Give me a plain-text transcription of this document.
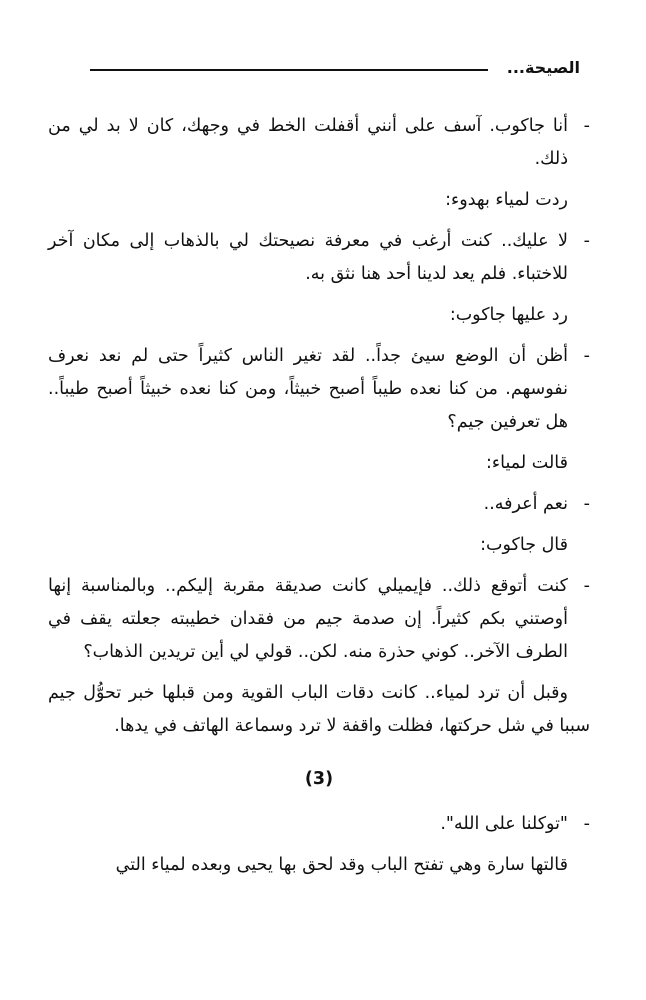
الصيحة...
-
أنا جاكوب. آسف على أنني أقفلت الخط في وجهك، كان لا بد لي من ذلك.
ردت لمياء بهدوء:
-
لا عليك.. كنت أرغب في معرفة نصيحتك لي بالذهاب إلى مكان آخر للاختباء. فلم يعد لدينا أحد هنا نثق به.
رد عليها جاكوب:
-
أظن أن الوضع سيئ جداً.. لقد تغير الناس كثيراً حتى لم نعد نعرف نفوسهم. من كنا نعده طيباً أصبح خبيثاً، ومن كنا نعده خبيثاً أصبح طيباً.. هل تعرفين جيم؟
قالت لمياء:
-
نعم أعرفه..
قال جاكوب:
-
كنت أتوقع ذلك.. فإيميلي كانت صديقة مقربة إليكم.. وبالمناسبة إنها أوصتني بكم كثيراً. إن صدمة جيم من فقدان خطيبته جعلته يقف في الطرف الآخر.. كوني حذرة منه. لكن.. قولي لي أين تريدين الذهاب؟
وقبل أن ترد لمياء.. كانت دقات الباب القوية ومن قبلها خبر تحوُّل جيم سببا في شل حركتها، فظلت واقفة لا ترد وسماعة الهاتف في يدها.
(3)
-
"توكلنا على الله".
قالتها سارة وهي تفتح الباب وقد لحق بها يحيى وبعده لمياء التي
